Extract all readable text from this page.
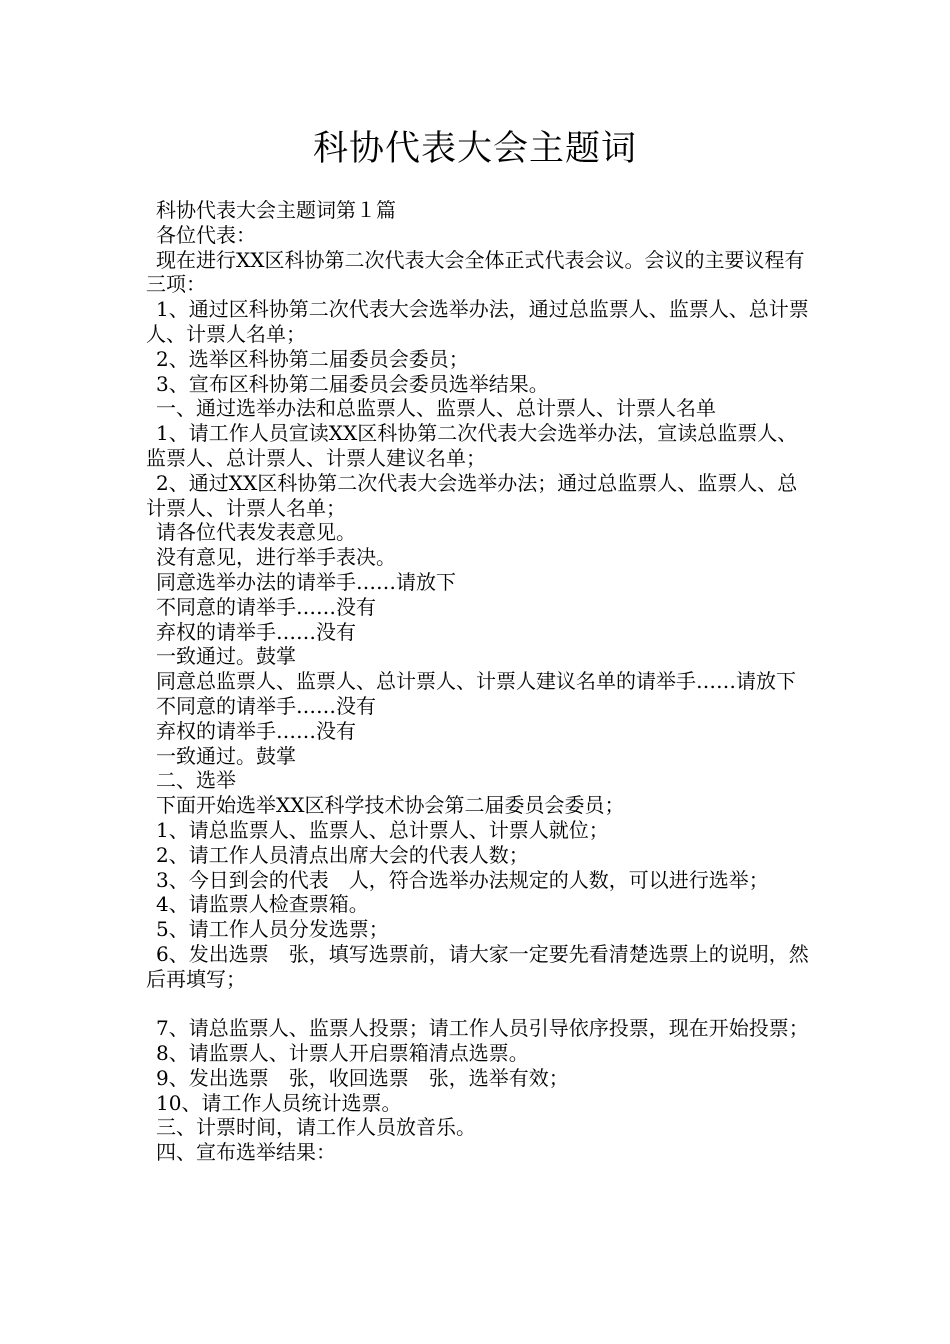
科协代表大会主题词
科协代表大会主题词第１篇
各位代表：
现在进行XX区科协第二次代表大会全体正式代表会议。会议的主要议程有三项：
1、通过区科协第二次代表大会选举办法，通过总监票人、监票人、总计票人、计票人名单；
2、选举区科协第二届委员会委员；
3、宣布区科协第二届委员会委员选举结果。
一、通过选举办法和总监票人、监票人、总计票人、计票人名单
1、请工作人员宣读XX区科协第二次代表大会选举办法，宣读总监票人、监票人、总计票人、计票人建议名单；
2、通过XX区科协第二次代表大会选举办法；通过总监票人、监票人、总计票人、计票人名单；
请各位代表发表意见。
没有意见，进行举手表决。
同意选举办法的请举手……请放下
不同意的请举手……没有
弃权的请举手……没有
一致通过。鼓掌
同意总监票人、监票人、总计票人、计票人建议名单的请举手……请放下
不同意的请举手……没有
弃权的请举手……没有
一致通过。鼓掌
二、选举
下面开始选举XX区科学技术协会第二届委员会委员；
1、请总监票人、监票人、总计票人、计票人就位；
2、请工作人员清点出席大会的代表人数；
3、今日到会的代表　人，符合选举办法规定的人数，可以进行选举；
4、请监票人检查票箱。
5、请工作人员分发选票；
6、发出选票　张，填写选票前，请大家一定要先看清楚选票上的说明，然后再填写；
7、请总监票人、监票人投票；请工作人员引导依序投票，现在开始投票；
8、请监票人、计票人开启票箱清点选票。
9、发出选票　张，收回选票　张，选举有效；
10、请工作人员统计选票。
三、计票时间，请工作人员放音乐。
四、宣布选举结果：
